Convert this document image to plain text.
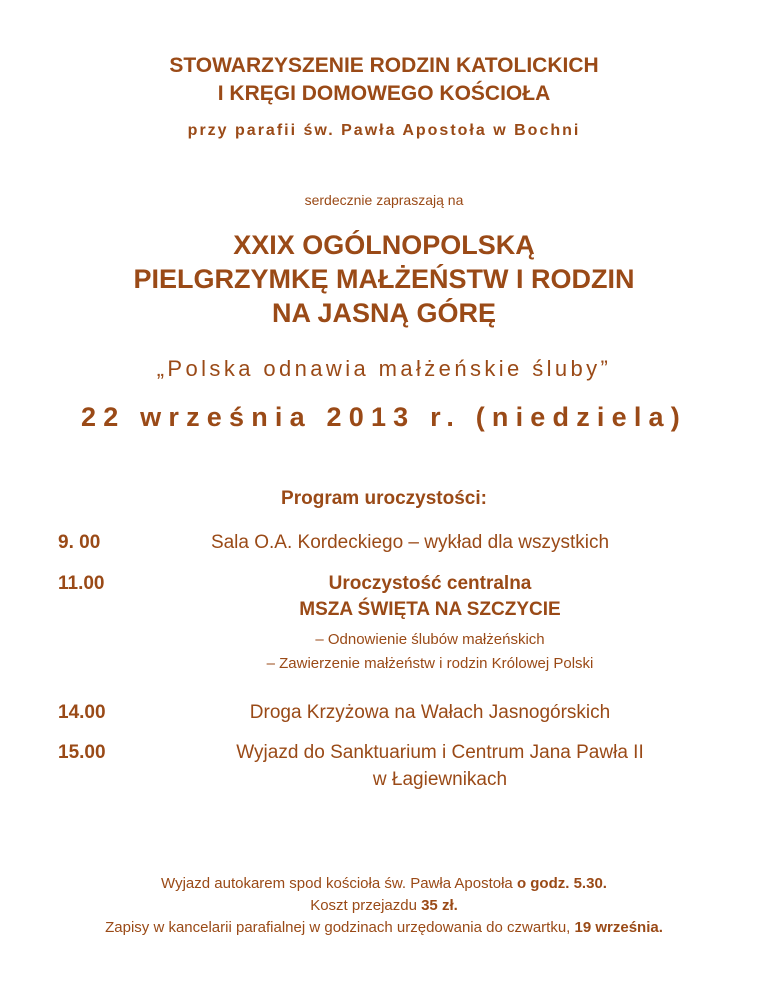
STOWARZYSZENIE RODZIN KATOLICKICH
I KRĘGI DOMOWEGO KOŚCIOŁA
przy parafii św. Pawła Apostoła w Bochni
serdecznie zapraszają na
XXIX OGÓLNOPOLSKĄ
PIELGRZYMKĘ MAŁŻEŃSTW I RODZIN
NA JASNĄ GÓRĘ
„Polska odnawia małżeńskie śluby”
22 września 2013 r. (niedziela)
Program uroczystości:
9. 00	Sala O.A. Kordeckiego – wykład dla wszystkich
11.00	Uroczystość centralna
MSZA ŚWIĘTA NA SZCZYCIE
– Odnowienie ślubów małżeńskich
– Zawierzenie małżeństw i rodzin Królowej Polski
14.00	Droga Krzyżowa na Wałach Jasnogórskich
15.00	Wyjazd do Sanktuarium i Centrum Jana Pawła II
w Łagiewnikach
Wyjazd autokarem spod kościoła św. Pawła Apostoła o godz. 5.30.
Koszt przejazdu 35 zł.
Zapisy w kancelarii parafialnej w godzinach urzędowania do czwartku, 19 września.
